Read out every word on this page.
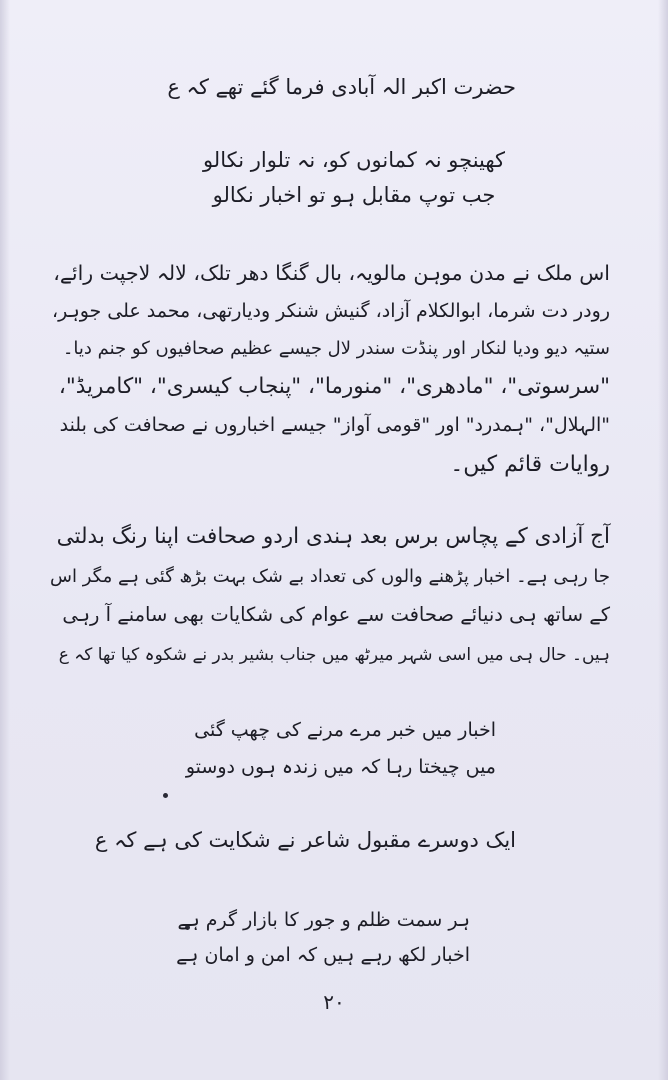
حضرت اکبر الہ آبادی فرما گئے تھے کہ ع
کھینچو نہ کمانوں کو، نہ تلوار نکالو
جب توپ مقابل ہو تو اخبار نکالو
اس ملک نے مدن موہن مالویہ، بال گنگا دھر تلک، لالہ لاجپت رائے،
رودر دت شرما، ابوالکلام آزاد، گنیش شنکر ودیارتھی، محمد علی جوہر،
ستیہ دیو ودیا لنکار اور پنڈت سندر لال جیسے عظیم صحافیوں کو جنم دیا۔
"سرسوتی"، "مادھری"، "منورما"، "پنجاب کیسری"، "کامریڈ"،
"الہلال"، "ہمدرد" اور "قومی آواز" جیسے اخباروں نے صحافت کی بلند
روایات قائم کیں۔
آج آزادی کے پچاس برس بعد ہندی اردو صحافت اپنا رنگ بدلتی
جا رہی ہے۔ اخبار پڑھنے والوں کی تعداد بے شک بہت بڑھ گئی ہے مگر اس
کے ساتھ ہی دنیائے صحافت سے عوام کی شکایات بھی سامنے آ رہی
ہیں۔ حال ہی میں اسی شہر میرٹھ میں جناب بشیر بدر نے شکوہ کیا تھا کہ ع
اخبار میں خبر مرے مرنے کی چھپ گئی
میں چیختا رہا کہ میں زندہ ہوں دوستو
ایک دوسرے مقبول شاعر نے شکایت کی ہے کہ ع
ہر سمت ظلم و جور کا بازار گرم ہے
اخبار لکھ رہے ہیں کہ امن و امان ہے
۲۰
